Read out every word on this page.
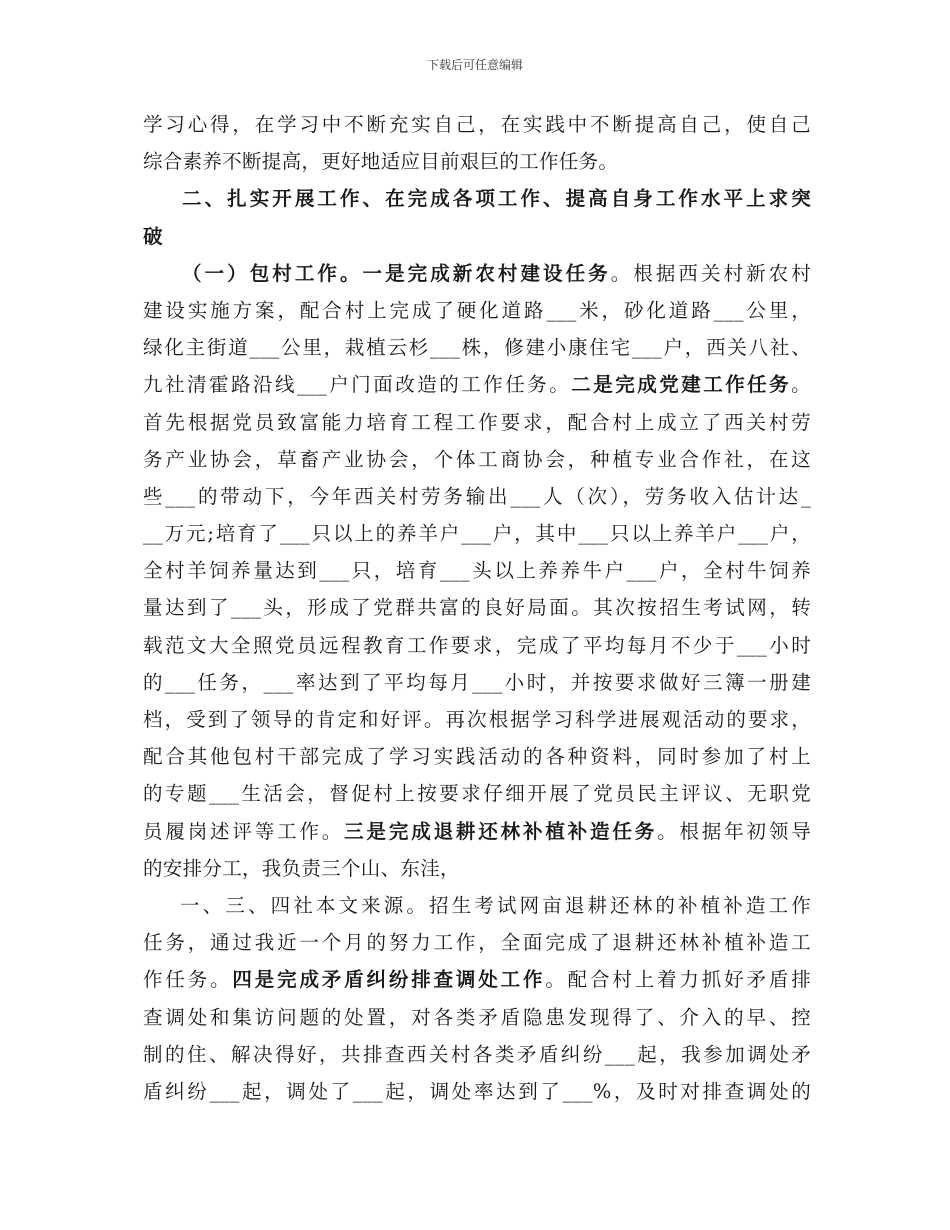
下载后可任意编辑
学习心得，在学习中不断充实自己，在实践中不断提高自己，使自己
综合素养不断提高，更好地适应目前艰巨的工作任务。
二、扎实开展工作、在完成各项工作、提高自身工作水平上求突
破
（一）包村工作。一是完成新农村建设任务。根据西关村新农村
建设实施方案，配合村上完成了硬化道路___米，砂化道路___公里，
绿化主街道___公里，栽植云杉___株，修建小康住宅___户，西关八社、
九社清霍路沿线___户门面改造的工作任务。二是完成党建工作任务。
首先根据党员致富能力培育工程工作要求，配合村上成立了西关村劳
务产业协会，草畜产业协会，个体工商协会，种植专业合作社，在这
些___的带动下，今年西关村劳务输出___人（次），劳务收入估计达_
__万元;培育了___只以上的养羊户___户，其中___只以上养羊户___户，
全村羊饲养量达到___只，培育___头以上养养牛户___户，全村牛饲养
量达到了___头，形成了党群共富的良好局面。其次按招生考试网，转
载范文大全照党员远程教育工作要求，完成了平均每月不少于___小时
的___任务，___率达到了平均每月___小时，并按要求做好三簿一册建
档，受到了领导的肯定和好评。再次根据学习科学进展观活动的要求，
配合其他包村干部完成了学习实践活动的各种资料，同时参加了村上
的专题___生活会，督促村上按要求仔细开展了党员民主评议、无职党
员履岗述评等工作。三是完成退耕还林补植补造任务。根据年初领导
的安排分工，我负责三个山、东洼，
一、三、四社本文来源。招生考试网亩退耕还林的补植补造工作
任务，通过我近一个月的努力工作，全面完成了退耕还林补植补造工
作任务。四是完成矛盾纠纷排查调处工作。配合村上着力抓好矛盾排
查调处和集访问题的处置，对各类矛盾隐患发现得了、介入的早、控
制的住、解决得好，共排查西关村各类矛盾纠纷___起，我参加调处矛
盾纠纷___起，调处了___起，调处率达到了___%，及时对排查调处的
